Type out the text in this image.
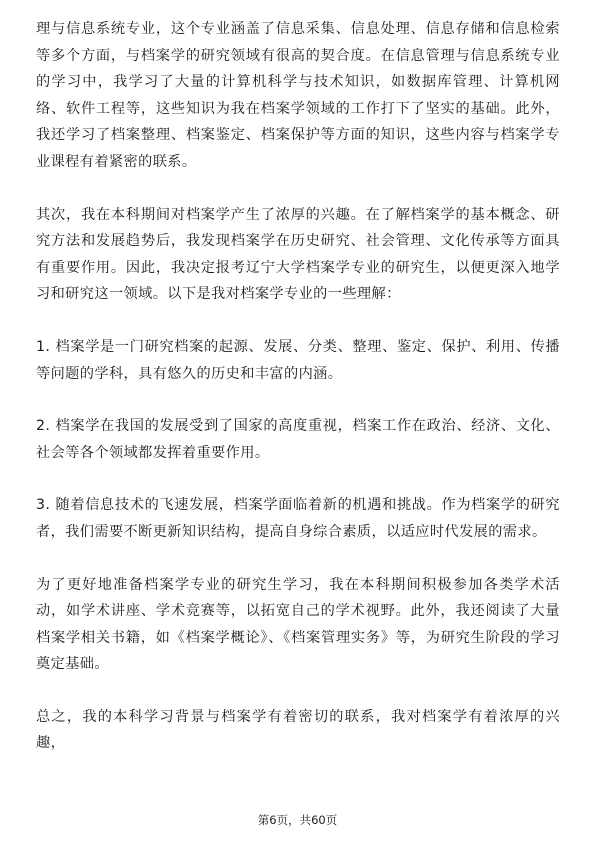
理与信息系统专业，这个专业涵盖了信息采集、信息处理、信息存储和信息检索等多个方面，与档案学的研究领域有很高的契合度。在信息管理与信息系统专业的学习中，我学习了大量的计算机科学与技术知识，如数据库管理、计算机网络、软件工程等，这些知识为我在档案学领域的工作打下了坚实的基础。此外，我还学习了档案整理、档案鉴定、档案保护等方面的知识，这些内容与档案学专业课程有着紧密的联系。

其次，我在本科期间对档案学产生了浓厚的兴趣。在了解档案学的基本概念、研究方法和发展趋势后，我发现档案学在历史研究、社会管理、文化传承等方面具有重要作用。因此，我决定报考辽宁大学档案学专业的研究生，以便更深入地学习和研究这一领域。以下是我对档案学专业的一些理解：

1. 档案学是一门研究档案的起源、发展、分类、整理、鉴定、保护、利用、传播等问题的学科，具有悠久的历史和丰富的内涵。

2. 档案学在我国的发展受到了国家的高度重视，档案工作在政治、经济、文化、社会等各个领域都发挥着重要作用。

3. 随着信息技术的飞速发展，档案学面临着新的机遇和挑战。作为档案学的研究者，我们需要不断更新知识结构，提高自身综合素质，以适应时代发展的需求。

为了更好地准备档案学专业的研究生学习，我在本科期间积极参加各类学术活动，如学术讲座、学术竞赛等，以拓宽自己的学术视野。此外，我还阅读了大量档案学相关书籍，如《档案学概论》、《档案管理实务》等，为研究生阶段的学习奠定基础。

总之，我的本科学习背景与档案学有着密切的联系，我对档案学有着浓厚的兴趣，

第6页，共60页
